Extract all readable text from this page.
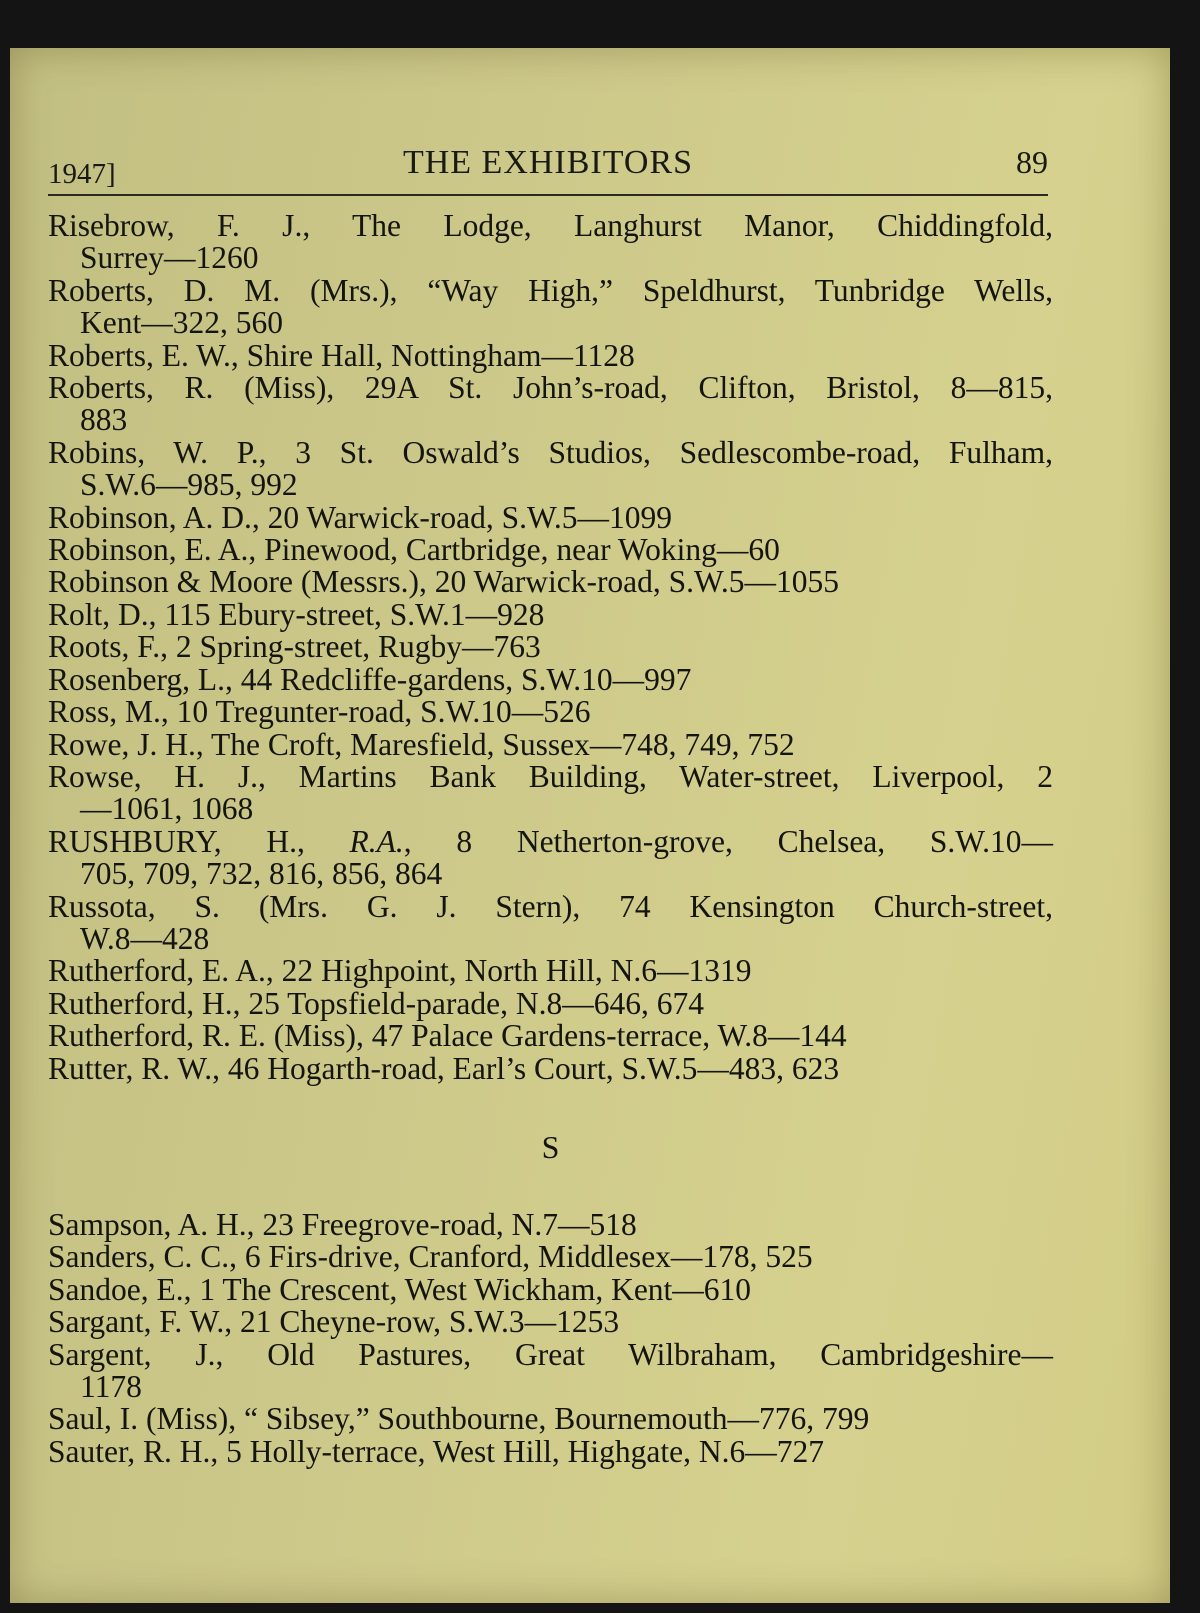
1947]	THE EXHIBITORS	89
Risebrow, F. J., The Lodge, Langhurst Manor, Chiddingfold,
Surrey—1260
Roberts, D. M. (Mrs.), “Way High,” Speldhurst, Tunbridge Wells,
Kent—322, 560
Roberts, E. W., Shire Hall, Nottingham—1128
Roberts, R. (Miss), 29A St. John’s-road, Clifton, Bristol, 8—815,
883
Robins, W. P., 3 St. Oswald’s Studios, Sedlescombe-road, Fulham,
S.W.6—985, 992
Robinson, A. D., 20 Warwick-road, S.W.5—1099
Robinson, E. A., Pinewood, Cartbridge, near Woking—60
Robinson & Moore (Messrs.), 20 Warwick-road, S.W.5—1055
Rolt, D., 115 Ebury-street, S.W.1—928
Roots, F., 2 Spring-street, Rugby—763
Rosenberg, L., 44 Redcliffe-gardens, S.W.10—997
Ross, M., 10 Tregunter-road, S.W.10—526
Rowe, J. H., The Croft, Maresfield, Sussex—748, 749, 752
Rowse, H. J., Martins Bank Building, Water-street, Liverpool, 2
—1061, 1068
RUSHBURY, H., R.A., 8 Netherton-grove, Chelsea, S.W.10—
705, 709, 732, 816, 856, 864
Russota, S. (Mrs. G. J. Stern), 74 Kensington Church-street,
W.8—428
Rutherford, E. A., 22 Highpoint, North Hill, N.6—1319
Rutherford, H., 25 Topsfield-parade, N.8—646, 674
Rutherford, R. E. (Miss), 47 Palace Gardens-terrace, W.8—144
Rutter, R. W., 46 Hogarth-road, Earl’s Court, S.W.5—483, 623
S
Sampson, A. H., 23 Freegrove-road, N.7—518
Sanders, C. C., 6 Firs-drive, Cranford, Middlesex—178, 525
Sandoe, E., 1 The Crescent, West Wickham, Kent—610
Sargant, F. W., 21 Cheyne-row, S.W.3—1253
Sargent, J., Old Pastures, Great Wilbraham, Cambridgeshire—
1178
Saul, I. (Miss), “ Sibsey,” Southbourne, Bournemouth—776, 799
Sauter, R. H., 5 Holly-terrace, West Hill, Highgate, N.6—727
